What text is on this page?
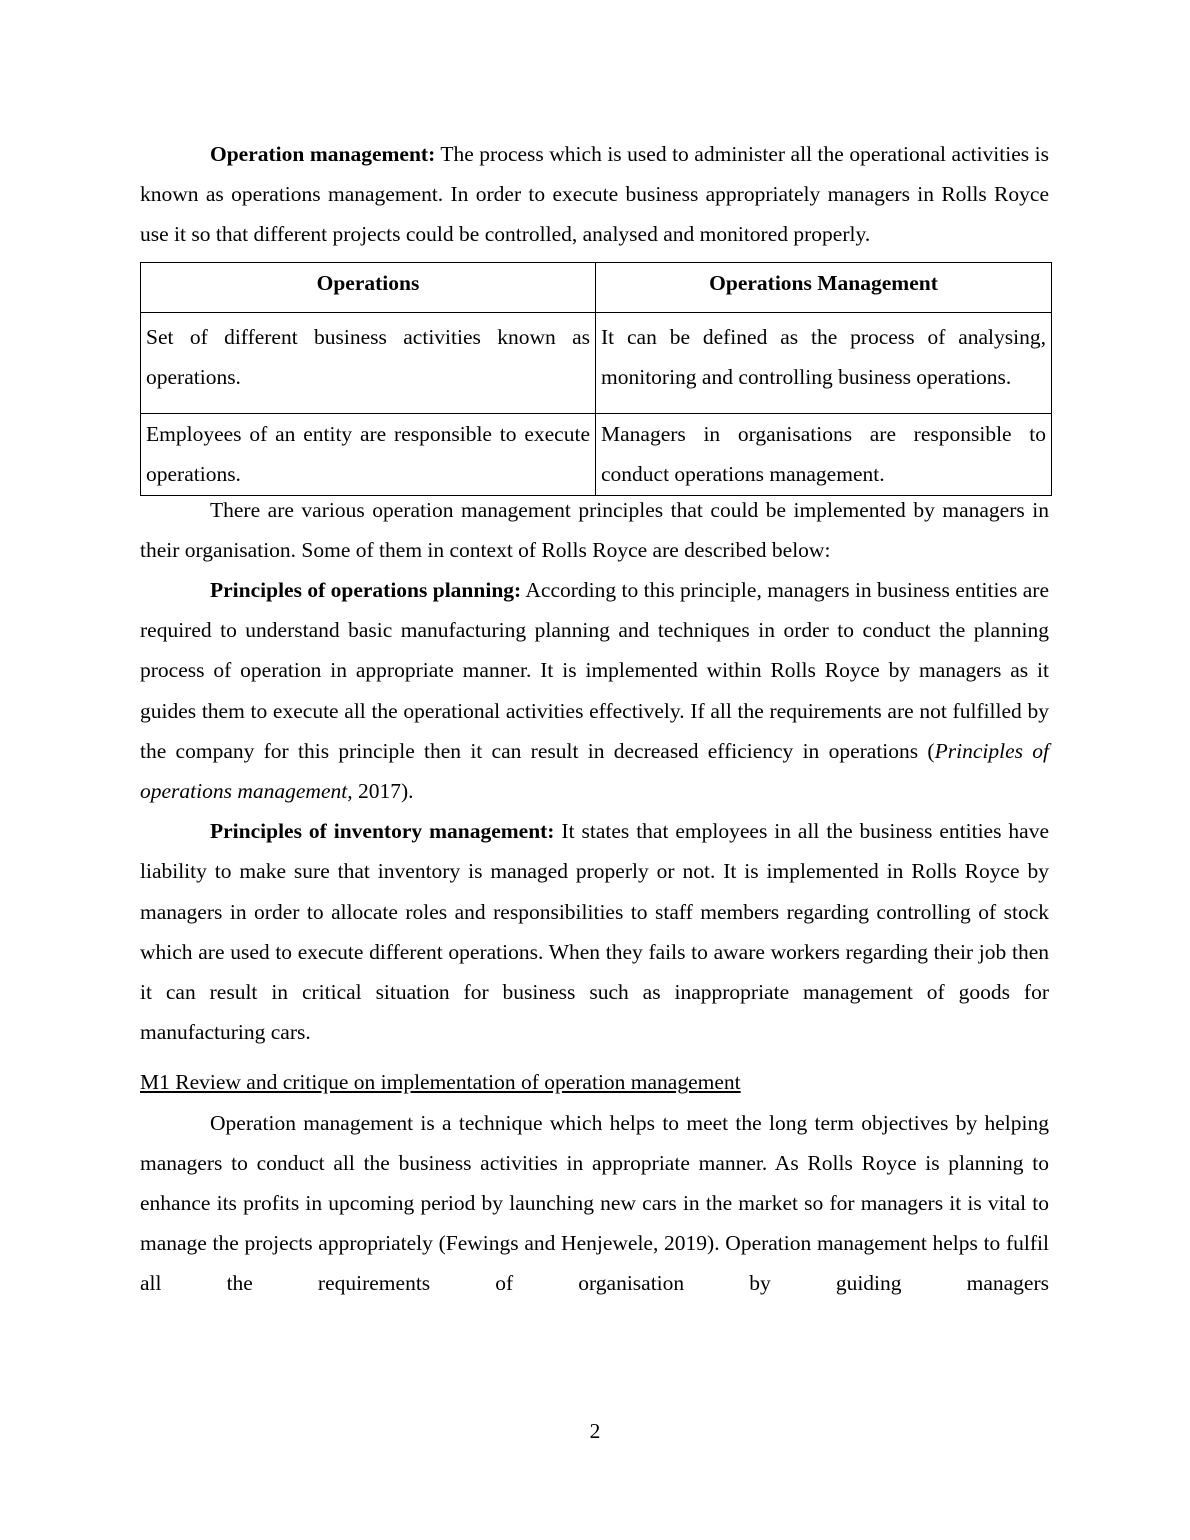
Operation management: The process which is used to administer all the operational activities is known as operations management. In order to execute business appropriately managers in Rolls Royce use it so that different projects could be controlled, analysed and monitored properly.

Operations	Operations Management
Set of different business activities known as operations.	It can be defined as the process of analysing, monitoring and controlling business operations.
Employees of an entity are responsible to execute operations.	Managers in organisations are responsible to conduct operations management.

There are various operation management principles that could be implemented by managers in their organisation. Some of them in context of Rolls Royce are described below:

Principles of operations planning: According to this principle, managers in business entities are required to understand basic manufacturing planning and techniques in order to conduct the planning process of operation in appropriate manner. It is implemented within Rolls Royce by managers as it guides them to execute all the operational activities effectively. If all the requirements are not fulfilled by the company for this principle then it can result in decreased efficiency in operations (Principles of operations management, 2017).

Principles of inventory management: It states that employees in all the business entities have liability to make sure that inventory is managed properly or not. It is implemented in Rolls Royce by managers in order to allocate roles and responsibilities to staff members regarding controlling of stock which are used to execute different operations. When they fails to aware workers regarding their job then it can result in critical situation for business such as inappropriate management of goods for manufacturing cars.

M1 Review and critique on implementation of operation management

Operation management is a technique which helps to meet the long term objectives by helping managers to conduct all the business activities in appropriate manner. As Rolls Royce is planning to enhance its profits in upcoming period by launching new cars in the market so for managers it is vital to manage the projects appropriately (Fewings and Henjewele, 2019). Operation management helps to fulfil all the requirements of organisation by guiding managers

2
